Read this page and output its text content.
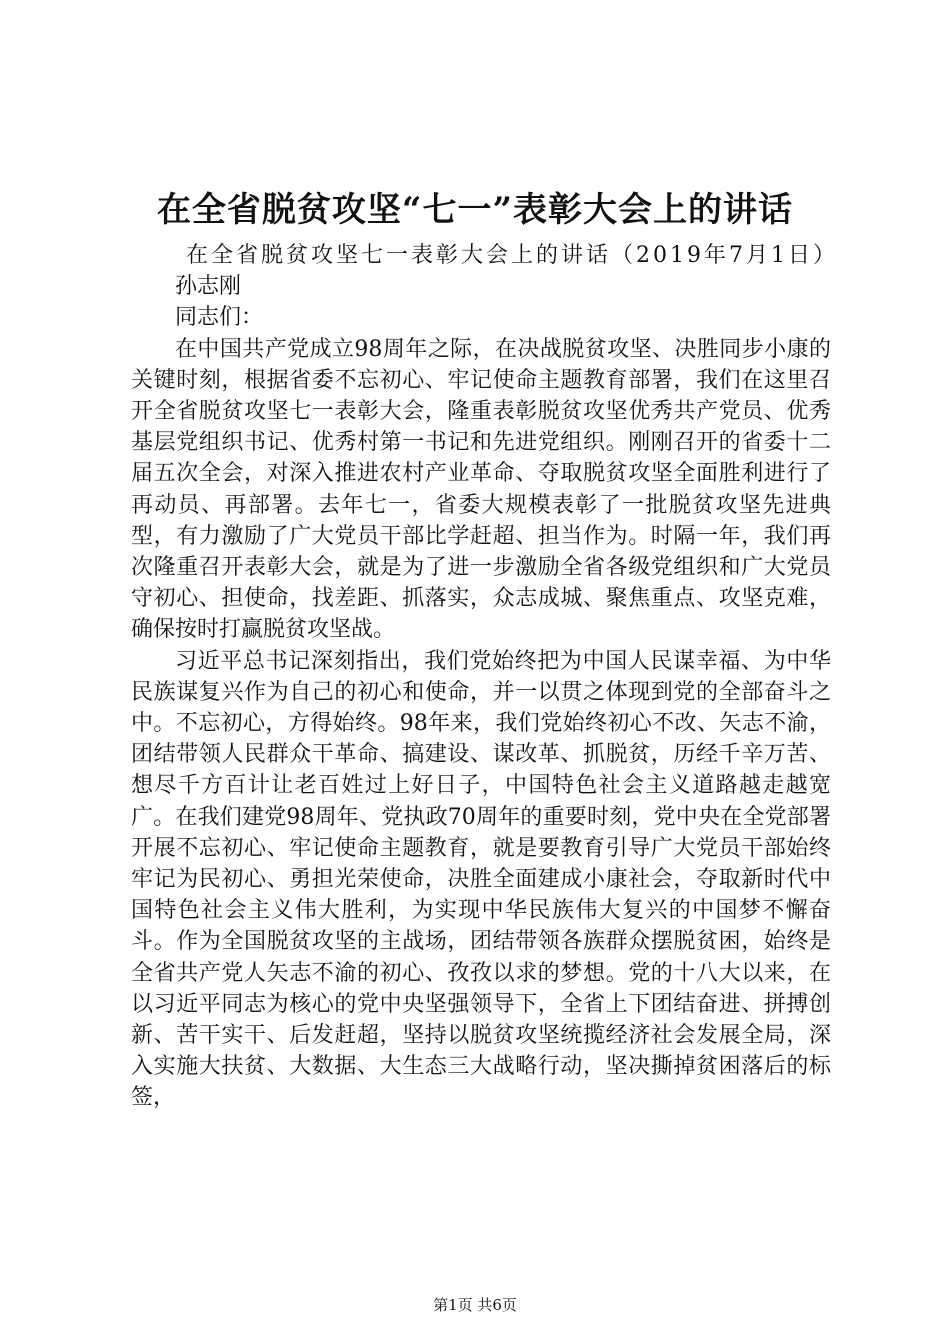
在全省脱贫攻坚“七一”表彰大会上的讲话

在全省脱贫攻坚七一表彰大会上的讲话（2019年7月1日）

孙志刚

同志们：

在中国共产党成立98周年之际，在决战脱贫攻坚、决胜同步小康的关键时刻，根据省委不忘初心、牢记使命主题教育部署，我们在这里召开全省脱贫攻坚七一表彰大会，隆重表彰脱贫攻坚优秀共产党员、优秀基层党组织书记、优秀村第一书记和先进党组织。刚刚召开的省委十二届五次全会，对深入推进农村产业革命、夺取脱贫攻坚全面胜利进行了再动员、再部署。去年七一，省委大规模表彰了一批脱贫攻坚先进典型，有力激励了广大党员干部比学赶超、担当作为。时隔一年，我们再次隆重召开表彰大会，就是为了进一步激励全省各级党组织和广大党员守初心、担使命，找差距、抓落实，众志成城、聚焦重点、攻坚克难，确保按时打赢脱贫攻坚战。

习近平总书记深刻指出，我们党始终把为中国人民谋幸福、为中华民族谋复兴作为自己的初心和使命，并一以贯之体现到党的全部奋斗之中。不忘初心，方得始终。98年来，我们党始终初心不改、矢志不渝，团结带领人民群众干革命、搞建设、谋改革、抓脱贫，历经千辛万苦、想尽千方百计让老百姓过上好日子，中国特色社会主义道路越走越宽广。在我们建党98周年、党执政70周年的重要时刻，党中央在全党部署开展不忘初心、牢记使命主题教育，就是要教育引导广大党员干部始终牢记为民初心、勇担光荣使命，决胜全面建成小康社会，夺取新时代中国特色社会主义伟大胜利，为实现中华民族伟大复兴的中国梦不懈奋斗。作为全国脱贫攻坚的主战场，团结带领各族群众摆脱贫困，始终是全省共产党人矢志不渝的初心、孜孜以求的梦想。党的十八大以来，在以习近平同志为核心的党中央坚强领导下，全省上下团结奋进、拼搏创新、苦干实干、后发赶超，坚持以脱贫攻坚统揽经济社会发展全局，深入实施大扶贫、大数据、大生态三大战略行动，坚决撕掉贫困落后的标签，

第1页 共6页
